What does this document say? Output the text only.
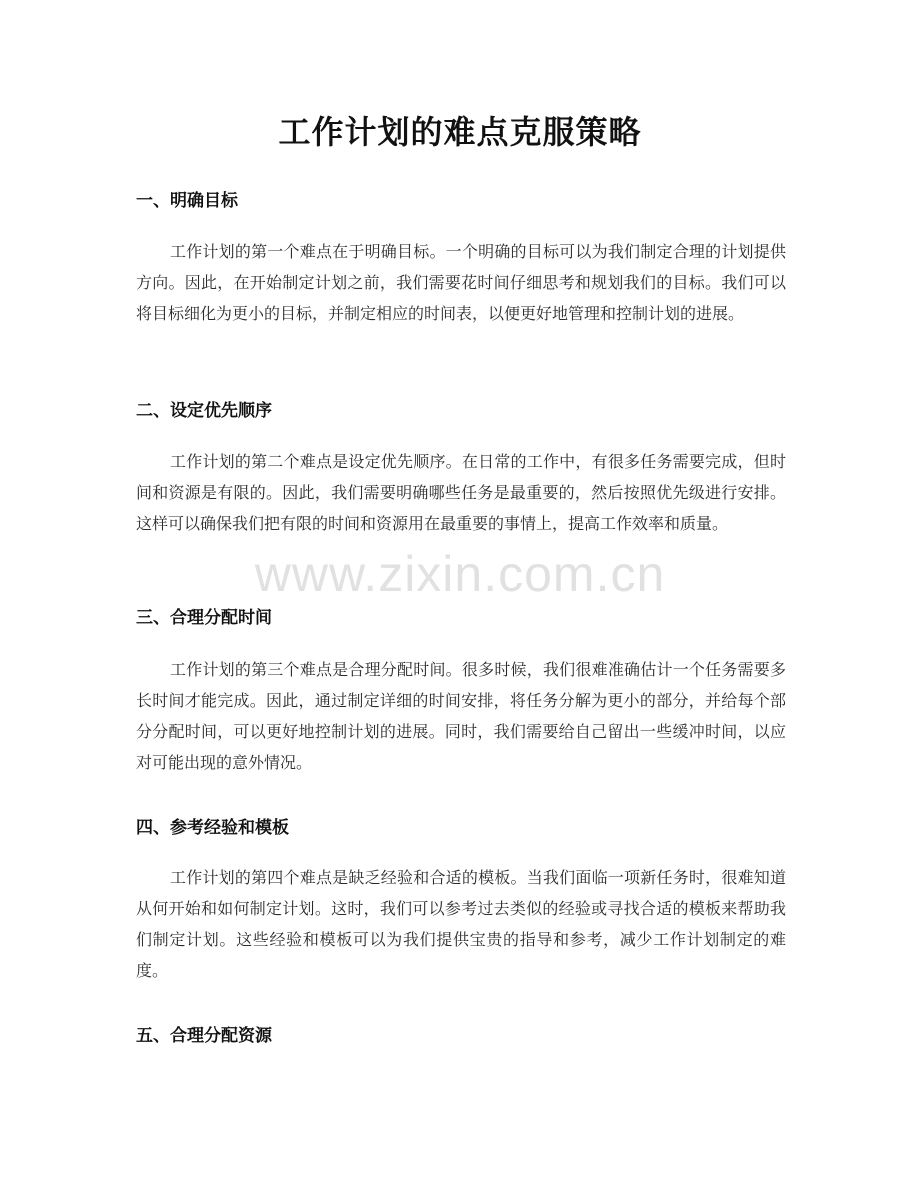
工作计划的难点克服策略
一、明确目标

工作计划的第一个难点在于明确目标。一个明确的目标可以为我们制定合理的计划提供方向。因此，在开始制定计划之前，我们需要花时间仔细思考和规划我们的目标。我们可以将目标细化为更小的目标，并制定相应的时间表，以便更好地管理和控制计划的进展。

二、设定优先顺序

工作计划的第二个难点是设定优先顺序。在日常的工作中，有很多任务需要完成，但时间和资源是有限的。因此，我们需要明确哪些任务是最重要的，然后按照优先级进行安排。这样可以确保我们把有限的时间和资源用在最重要的事情上，提高工作效率和质量。

三、合理分配时间

工作计划的第三个难点是合理分配时间。很多时候，我们很难准确估计一个任务需要多长时间才能完成。因此，通过制定详细的时间安排，将任务分解为更小的部分，并给每个部分分配时间，可以更好地控制计划的进展。同时，我们需要给自己留出一些缓冲时间，以应对可能出现的意外情况。

四、参考经验和模板

工作计划的第四个难点是缺乏经验和合适的模板。当我们面临一项新任务时，很难知道从何开始和如何制定计划。这时，我们可以参考过去类似的经验或寻找合适的模板来帮助我们制定计划。这些经验和模板可以为我们提供宝贵的指导和参考，减少工作计划制定的难度。

五、合理分配资源
www.zixin.com.cn
